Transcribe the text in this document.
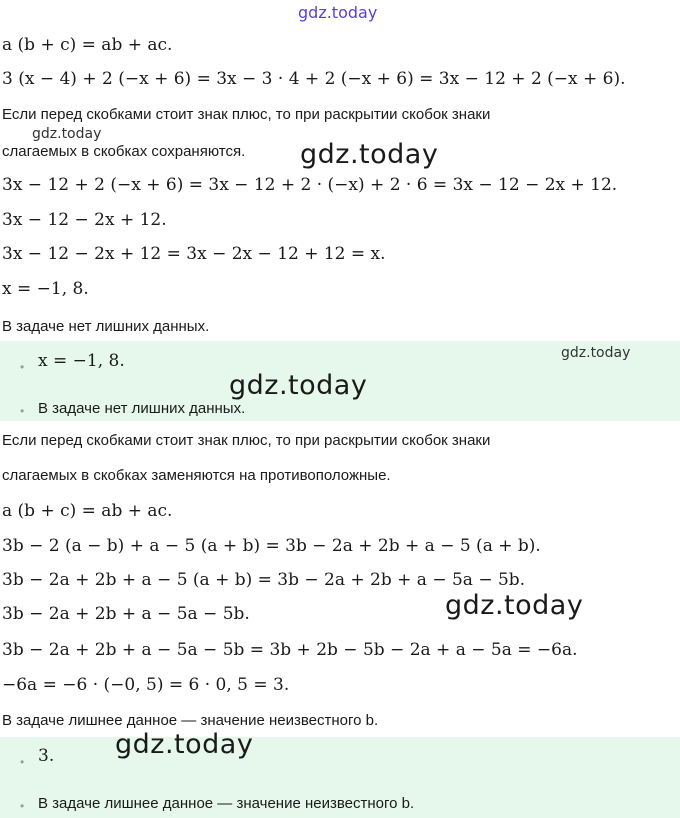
gdz.today
a (b + c) = ab + ac.
3 (x − 4) + 2 (−x + 6) = 3x − 3 · 4 + 2 (−x + 6) = 3x − 12 + 2 (−x + 6).
Если перед скобками стоит знак плюс, то при раскрытии скобок знаки
gdz.today
слагаемых в скобках сохраняются. gdz.today
3x − 12 + 2 (−x + 6) = 3x − 12 + 2 · (−x) + 2 · 6 = 3x − 12 − 2x + 12.
3x − 12 − 2x + 12.
3x − 12 − 2x + 12 = 3x − 2x − 12 + 12 = x.
x = −1, 8.
В задаче нет лишних данных.
• x = −1, 8.	gdz.today
gdz.today
• В задаче нет лишних данных.
Если перед скобками стоит знак плюс, то при раскрытии скобок знаки
слагаемых в скобках заменяются на противоположные.
a (b + c) = ab + ac.
3b − 2 (a − b) + a − 5 (a + b) = 3b − 2a + 2b + a − 5 (a + b).
3b − 2a + 2b + a − 5 (a + b) = 3b − 2a + 2b + a − 5a − 5b.
3b − 2a + 2b + a − 5a − 5b.	gdz.today
3b − 2a + 2b + a − 5a − 5b = 3b + 2b − 5b − 2a + a − 5a = −6a.
−6a = −6 · (−0, 5) = 6 · 0, 5 = 3.
В задаче лишнее данное — значение неизвестного b.
• 3. gdz.today
• В задаче лишнее данное — значение неизвестного b.
